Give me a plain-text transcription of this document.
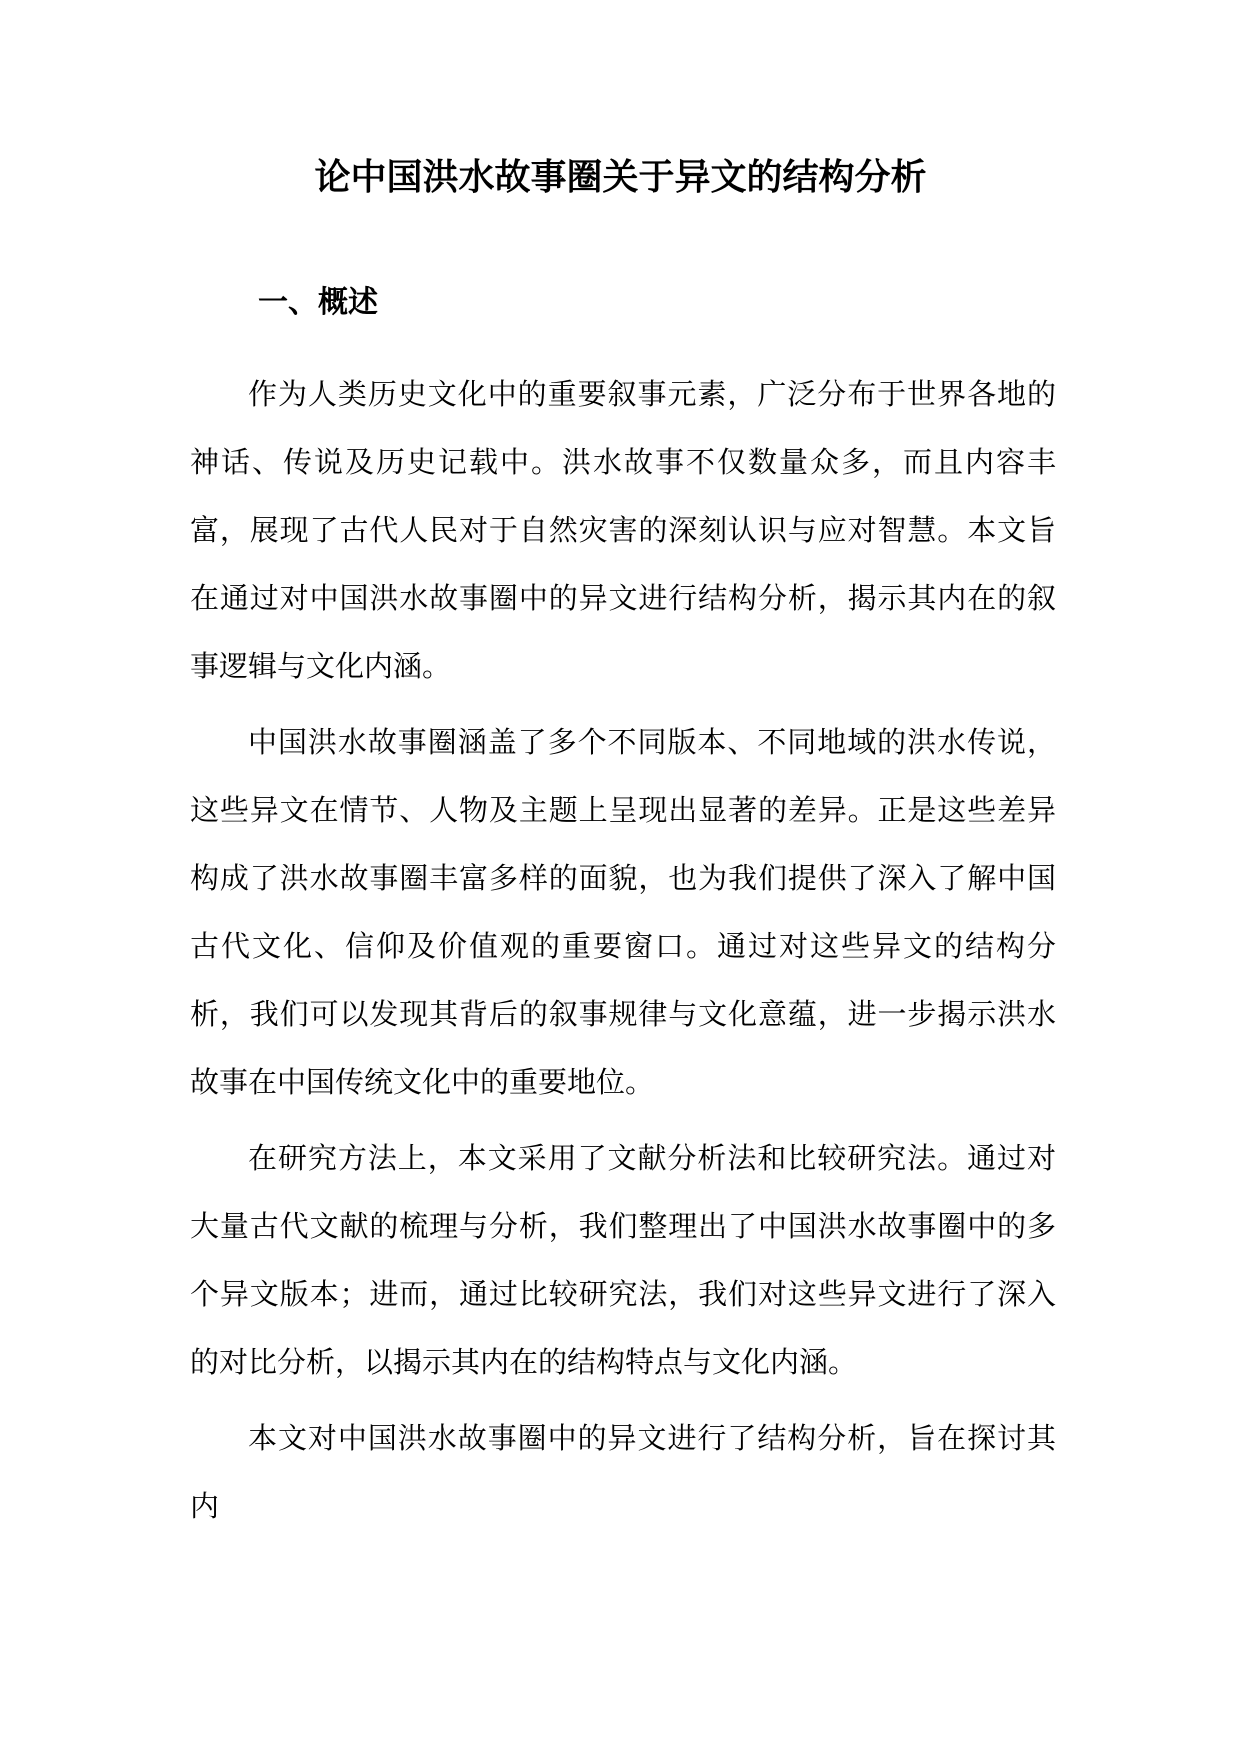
论中国洪水故事圈关于异文的结构分析
一、概述

作为人类历史文化中的重要叙事元素，广泛分布于世界各地的神话、传说及历史记载中。洪水故事不仅数量众多，而且内容丰富，展现了古代人民对于自然灾害的深刻认识与应对智慧。本文旨在通过对中国洪水故事圈中的异文进行结构分析，揭示其内在的叙事逻辑与文化内涵。

中国洪水故事圈涵盖了多个不同版本、不同地域的洪水传说，这些异文在情节、人物及主题上呈现出显著的差异。正是这些差异构成了洪水故事圈丰富多样的面貌，也为我们提供了深入了解中国古代文化、信仰及价值观的重要窗口。通过对这些异文的结构分析，我们可以发现其背后的叙事规律与文化意蕴，进一步揭示洪水故事在中国传统文化中的重要地位。

在研究方法上，本文采用了文献分析法和比较研究法。通过对大量古代文献的梳理与分析，我们整理出了中国洪水故事圈中的多个异文版本；进而，通过比较研究法，我们对这些异文进行了深入的对比分析，以揭示其内在的结构特点与文化内涵。

本文对中国洪水故事圈中的异文进行了结构分析，旨在探讨其内
